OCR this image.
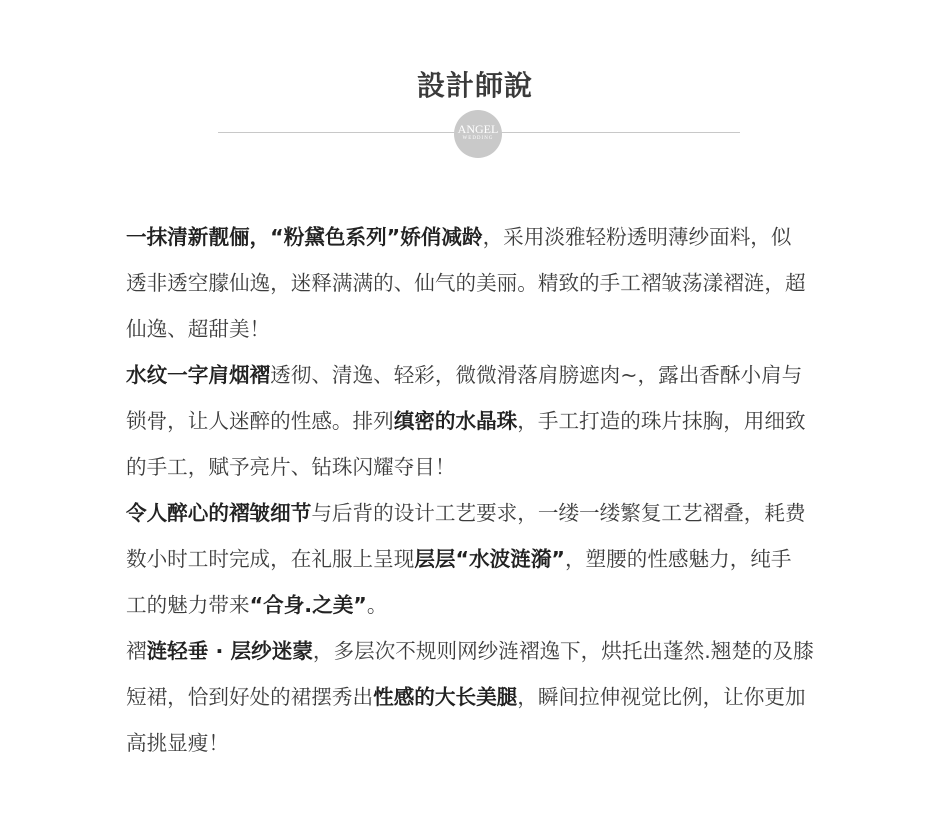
設計師說
ANGEL
WEDDING
一抹清新靓俪，“粉黛色系列”娇俏减龄，采用淡雅轻粉透明薄纱面料，似
透非透空朦仙逸，迷释满满的、仙气的美丽。精致的手工褶皱荡漾褶涟，超
仙逸、超甜美！
水纹一字肩烟褶透彻、清逸、轻彩，微微滑落肩膀遮肉~，露出香酥小肩与
锁骨，让人迷醉的性感。排列缜密的水晶珠，手工打造的珠片抹胸，用细致
的手工，赋予亮片、钻珠闪耀夺目！
令人醉心的褶皱细节与后背的设计工艺要求，一缕一缕繁复工艺褶叠，耗费
数小时工时完成，在礼服上呈现层层“水波涟漪”，塑腰的性感魅力，纯手
工的魅力带来“合身.之美”。
褶涟轻垂 · 层纱迷蒙，多层次不规则网纱涟褶逸下，烘托出蓬然.翘楚的及膝
短裙，恰到好处的裙摆秀出性感的大长美腿，瞬间拉伸视觉比例，让你更加
高挑显瘦！
